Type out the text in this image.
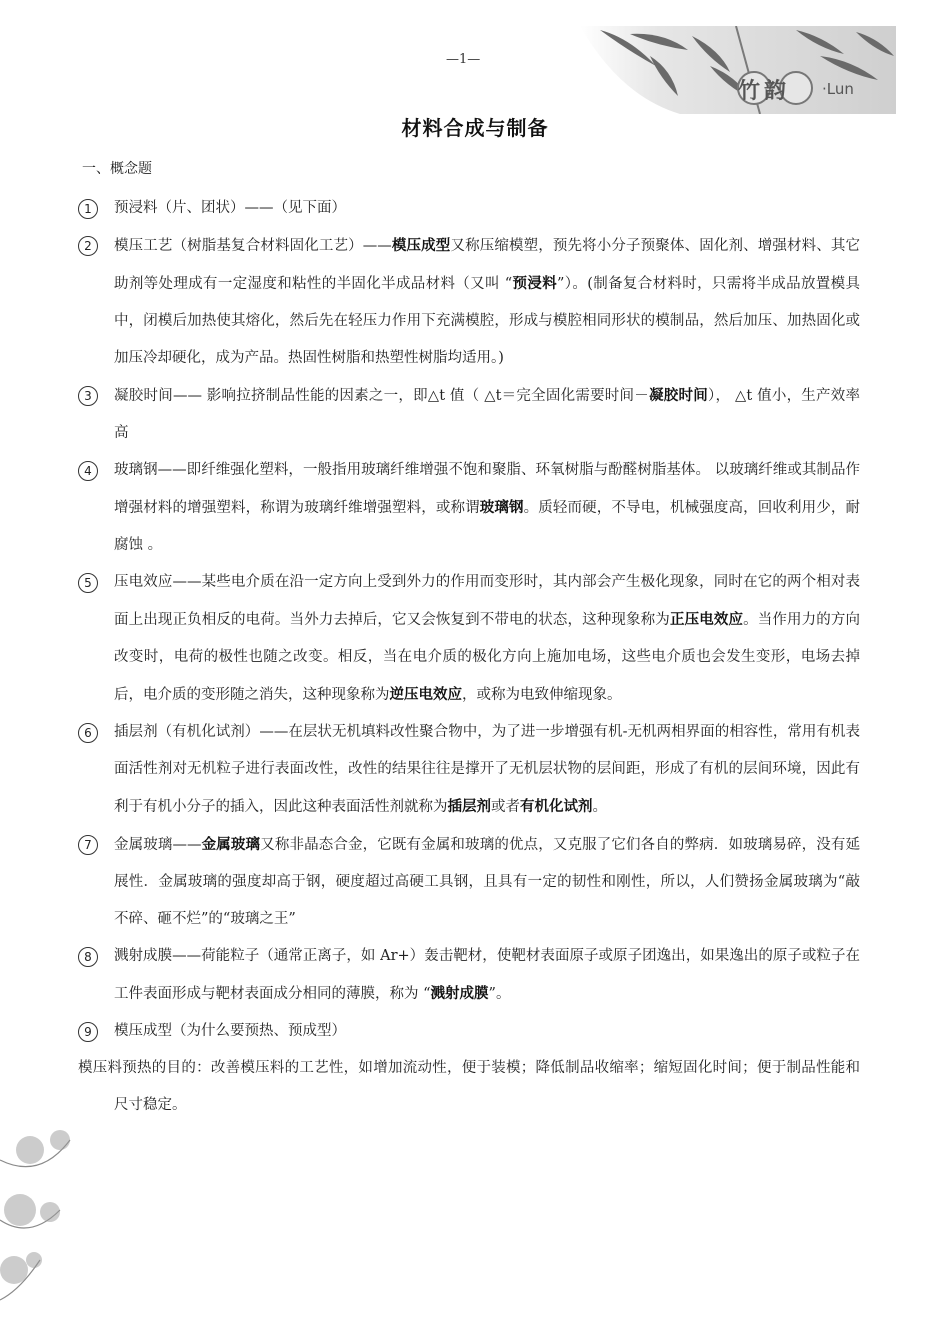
竹韵 ·Lun
—1—
材料合成与制备
一、概念题

1	预浸料（片、团状）——（见下面）

2	模压工艺（树脂基复合材料固化工艺）——模压成型又称压缩模塑，预先将小分子预聚体、固化剂、增强材料、其它助剂等处理成有一定湿度和粘性的半固化半成品材料（又叫 “预浸料”）。(制备复合材料时，只需将半成品放置模具中，闭模后加热使其熔化，然后先在轻压力作用下充满模腔，形成与模腔相同形状的模制品，然后加压、加热固化或加压冷却硬化，成为产品。热固性树脂和热塑性树脂均适用。)

3	凝胶时间—— 影响拉挤制品性能的因素之一，即△t 值（ △t＝完全固化需要时间－凝胶时间）， △t 值小，生产效率高

4	玻璃钢——即纤维强化塑料，一般指用玻璃纤维增强不饱和聚脂、环氧树脂与酚醛树脂基体。 以玻璃纤维或其制品作增强材料的增强塑料，称谓为玻璃纤维增强塑料，或称谓玻璃钢。质轻而硬，不导电，机械强度高，回收利用少，耐腐蚀 。

5	压电效应——某些电介质在沿一定方向上受到外力的作用而变形时，其内部会产生极化现象，同时在它的两个相对表面上出现正负相反的电荷。当外力去掉后，它又会恢复到不带电的状态，这种现象称为正压电效应。当作用力的方向改变时，电荷的极性也随之改变。相反，当在电介质的极化方向上施加电场，这些电介质也会发生变形，电场去掉后，电介质的变形随之消失，这种现象称为逆压电效应，或称为电致伸缩现象。

6	插层剂（有机化试剂）——在层状无机填料改性聚合物中，为了进一步增强有机-无机两相界面的相容性，常用有机表面活性剂对无机粒子进行表面改性，改性的结果往往是撑开了无机层状物的层间距，形成了有机的层间环境，因此有利于有机小分子的插入，因此这种表面活性剂就称为插层剂或者有机化试剂。

7	金属玻璃——金属玻璃又称非晶态合金，它既有金属和玻璃的优点，又克服了它们各自的弊病．如玻璃易碎，没有延展性．金属玻璃的强度却高于钢，硬度超过高硬工具钢，且具有一定的韧性和刚性，所以，人们赞扬金属玻璃为“敲不碎、砸不烂”的“玻璃之王”

8	溅射成膜——荷能粒子（通常正离子，如 Ar+）轰击靶材，使靶材表面原子或原子团逸出，如果逸出的原子或粒子在工件表面形成与靶材表面成分相同的薄膜，称为 “溅射成膜”。

9	模压成型（为什么要预热、预成型）

模压料预热的目的：改善模压料的工艺性，如增加流动性，便于装模；降低制品收缩率；缩短固化时间；便于制品性能和尺寸稳定。
